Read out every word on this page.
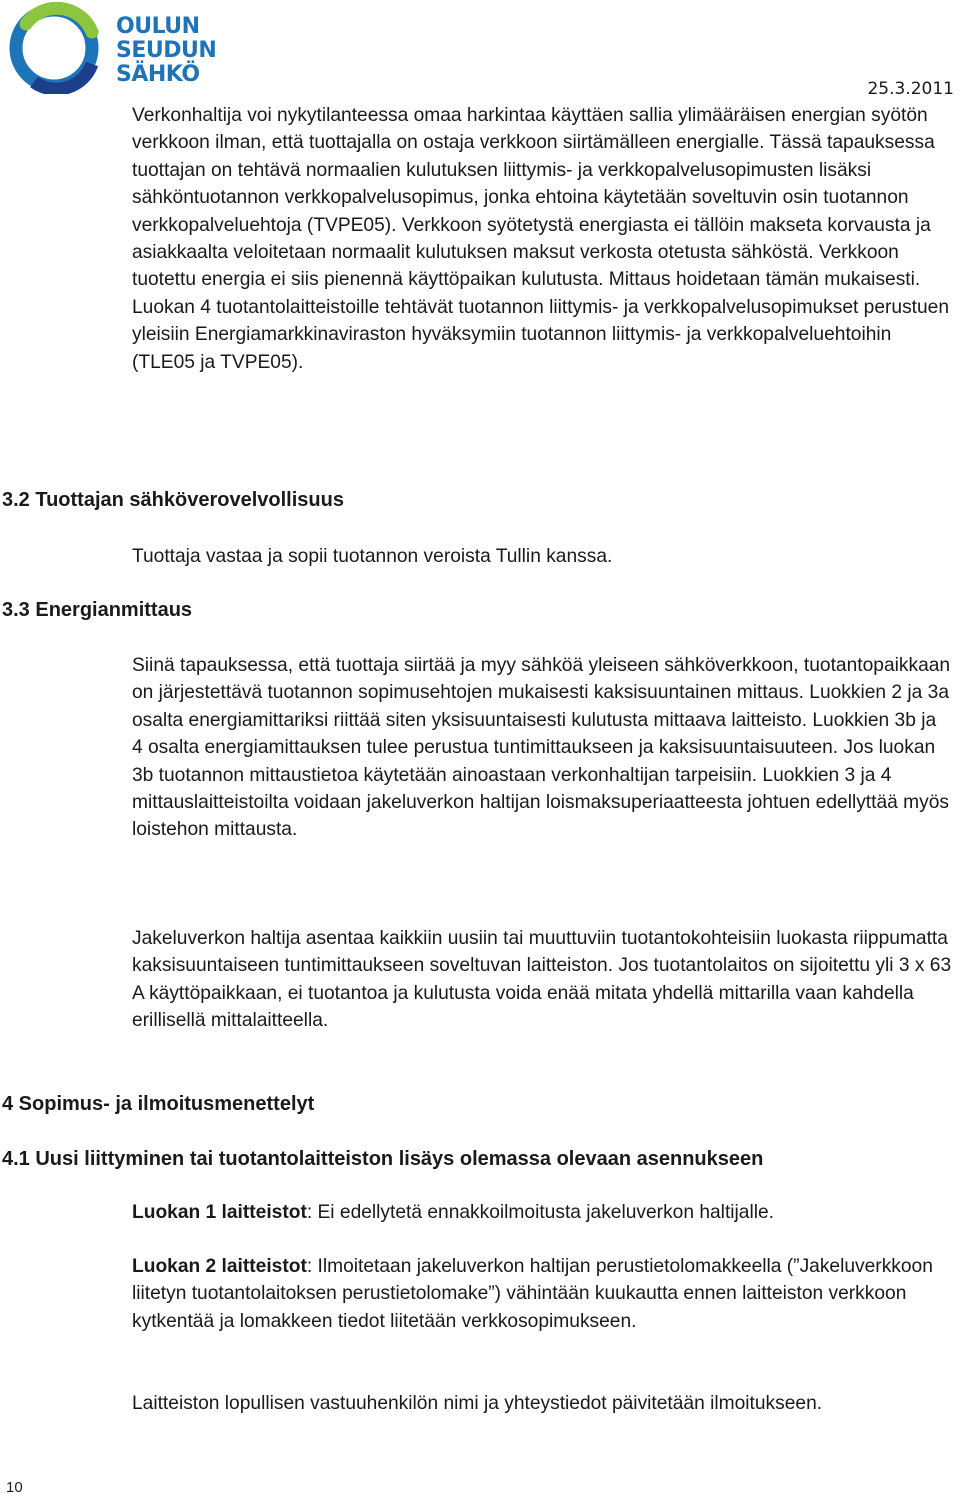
OULUN
SEUDUN
SÄHKÖ
25.3.2011

Verkonhaltija voi nykytilanteessa omaa harkintaa käyttäen sallia ylimääräisen energian syötön verkkoon ilman, että tuottajalla on ostaja verkkoon siirtämälleen energialle. Tässä tapauksessa tuottajan on tehtävä normaalien kulutuksen liittymis- ja verkkopalvelusopimusten lisäksi sähköntuotannon verkkopalvelusopimus, jonka ehtoina käytetään soveltuvin osin tuotannon verkkopalveluehtoja (TVPE05). Verkkoon syötetystä energiasta ei tällöin makseta korvausta ja asiakkaalta veloitetaan normaalit kulutuksen maksut verkosta otetusta sähköstä. Verkkoon tuotettu energia ei siis pienennä käyttöpaikan kulutusta. Mittaus hoidetaan tämän mukaisesti. Luokan 4 tuotantolaitteistoille tehtävät tuotannon liittymis- ja verkkopalvelusopimukset perustuen yleisiin Energiamarkkinaviraston hyväksymiin tuotannon liittymis- ja verkkopalveluehtoihin (TLE05 ja TVPE05).

3.2 Tuottajan sähköverovelvollisuus

Tuottaja vastaa ja sopii tuotannon veroista Tullin kanssa.

3.3 Energianmittaus

Siinä tapauksessa, että tuottaja siirtää ja myy sähköä yleiseen sähköverkkoon, tuotantopaikkaan on järjestettävä tuotannon sopimusehtojen mukaisesti kaksisuuntainen mittaus. Luokkien 2 ja 3a osalta energiamittariksi riittää siten yksisuuntaisesti kulutusta mittaava laitteisto. Luokkien 3b ja 4 osalta energiamittauksen tulee perustua tuntimittaukseen ja kaksisuuntaisuuteen. Jos luokan 3b tuotannon mittaustietoa käytetään ainoastaan verkonhaltijan tarpeisiin. Luokkien 3 ja 4 mittauslaitteistoilta voidaan jakeluverkon haltijan loismaksuperiaatteesta johtuen edellyttää myös loistehon mittausta.

Jakeluverkon haltija asentaa kaikkiin uusiin tai muuttuviin tuotantokohteisiin luokasta riippumatta kaksisuuntaiseen tuntimittaukseen soveltuvan laitteiston. Jos tuotantolaitos on sijoitettu yli 3 x 63 A käyttöpaikkaan, ei tuotantoa ja kulutusta voida enää mitata yhdellä mittarilla vaan kahdella erillisellä mittalaitteella.

4 Sopimus- ja ilmoitusmenettelyt
4.1 Uusi liittyminen tai tuotantolaitteiston lisäys olemassa olevaan asennukseen

Luokan 1 laitteistot: Ei edellytetä ennakkoilmoitusta jakeluverkon haltijalle.

Luokan 2 laitteistot: Ilmoitetaan jakeluverkon haltijan perustietolomakkeella (”Jakeluverkkoon liitetyn tuotantolaitoksen perustietolomake”) vähintään kuukautta ennen laitteiston verkkoon kytkentää ja lomakkeen tiedot liitetään verkkosopimukseen.

Laitteiston lopullisen vastuuhenkilön nimi ja yhteystiedot päivitetään ilmoitukseen.

10
